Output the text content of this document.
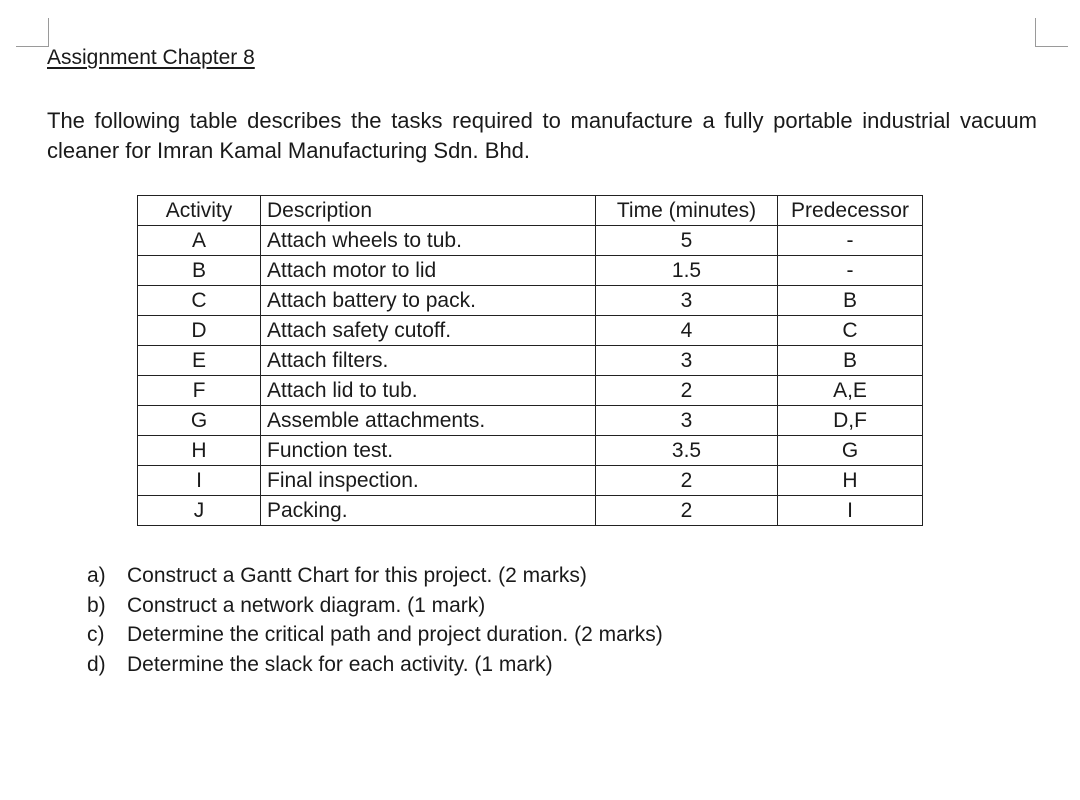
Assignment Chapter 8

The following table describes the tasks required to manufacture a fully portable industrial vacuum cleaner for Imran Kamal Manufacturing Sdn. Bhd.

Activity	Description	Time (minutes)	Predecessor
A	Attach wheels to tub.	5	-
B	Attach motor to lid	1.5	-
C	Attach battery to pack.	3	B
D	Attach safety cutoff.	4	C
E	Attach filters.	3	B
F	Attach lid to tub.	2	A,E
G	Assemble attachments.	3	D,F
H	Function test.	3.5	G
I	Final inspection.	2	H
J	Packing.	2	I
a)	Construct a Gantt Chart for this project. (2 marks)
b)	Construct a network diagram. (1 mark)
c)	Determine the critical path and project duration. (2 marks)
d)	Determine the slack for each activity. (1 mark)
